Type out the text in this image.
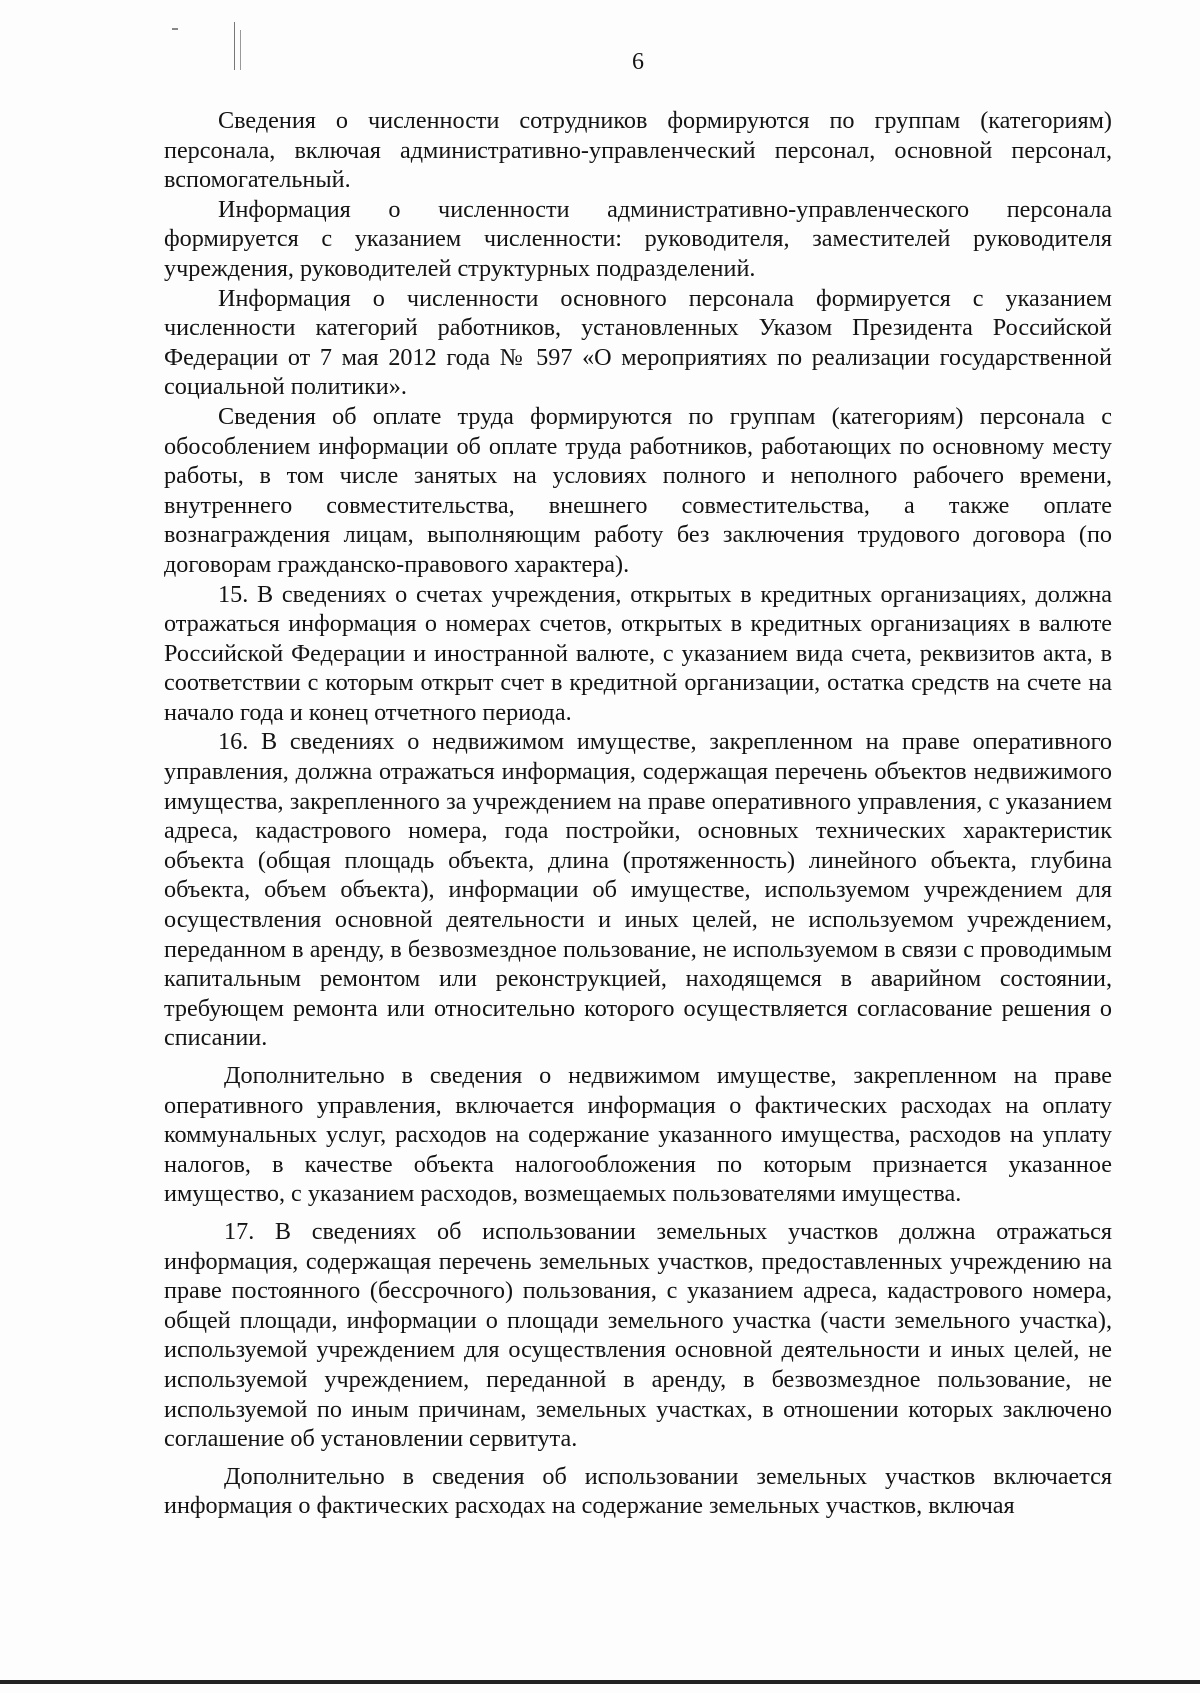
6

Сведения о численности сотрудников формируются по группам (категориям) персонала, включая административно-управленческий персонал, основной персонал, вспомогательный.

Информация о численности административно-управленческого персонала формируется с указанием численности: руководителя, заместителей руководителя учреждения, руководителей структурных подразделений.

Информация о численности основного персонала формируется с указанием численности категорий работников, установленных Указом Президента Российской Федерации от 7 мая 2012 года № 597 «О мероприятиях по реализации государственной социальной политики».

Сведения об оплате труда формируются по группам (категориям) персонала с обособлением информации об оплате труда работников, работающих по основному месту работы, в том числе занятых на условиях полного и неполного рабочего времени, внутреннего совместительства, внешнего совместительства, а также оплате вознаграждения лицам, выполняющим работу без заключения трудового договора (по договорам гражданско-правового характера).

15. В сведениях о счетах учреждения, открытых в кредитных организациях, должна отражаться информация о номерах счетов, открытых в кредитных организациях в валюте Российской Федерации и иностранной валюте, с указанием вида счета, реквизитов акта, в соответствии с которым открыт счет в кредитной организации, остатка средств на счете на начало года и конец отчетного периода.

16. В сведениях о недвижимом имуществе, закрепленном на праве оперативного управления, должна отражаться информация, содержащая перечень объектов недвижимого имущества, закрепленного за учреждением на праве оперативного управления, с указанием адреса, кадастрового номера, года постройки, основных технических характеристик объекта (общая площадь объекта, длина (протяженность) линейного объекта, глубина объекта, объем объекта), информации об имуществе, используемом учреждением для осуществления основной деятельности и иных целей, не используемом учреждением, переданном в аренду, в безвозмездное пользование, не используемом в связи с проводимым капитальным ремонтом или реконструкцией, находящемся в аварийном состоянии, требующем ремонта или относительно которого осуществляется согласование решения о списании.

Дополнительно в сведения о недвижимом имуществе, закрепленном на праве оперативного управления, включается информация о фактических расходах на оплату коммунальных услуг, расходов на содержание указанного имущества, расходов на уплату налогов, в качестве объекта налогообложения по которым признается указанное имущество, с указанием расходов, возмещаемых пользователями имущества.

17. В сведениях об использовании земельных участков должна отражаться информация, содержащая перечень земельных участков, предоставленных учреждению на праве постоянного (бессрочного) пользования, с указанием адреса, кадастрового номера, общей площади, информации о площади земельного участка (части земельного участка), используемой учреждением для осуществления основной деятельности и иных целей, не используемой учреждением, переданной в аренду, в безвозмездное пользование, не используемой по иным причинам, земельных участках, в отношении которых заключено соглашение об установлении сервитута.

Дополнительно в сведения об использовании земельных участков включается информация о фактических расходах на содержание земельных участков, включая
